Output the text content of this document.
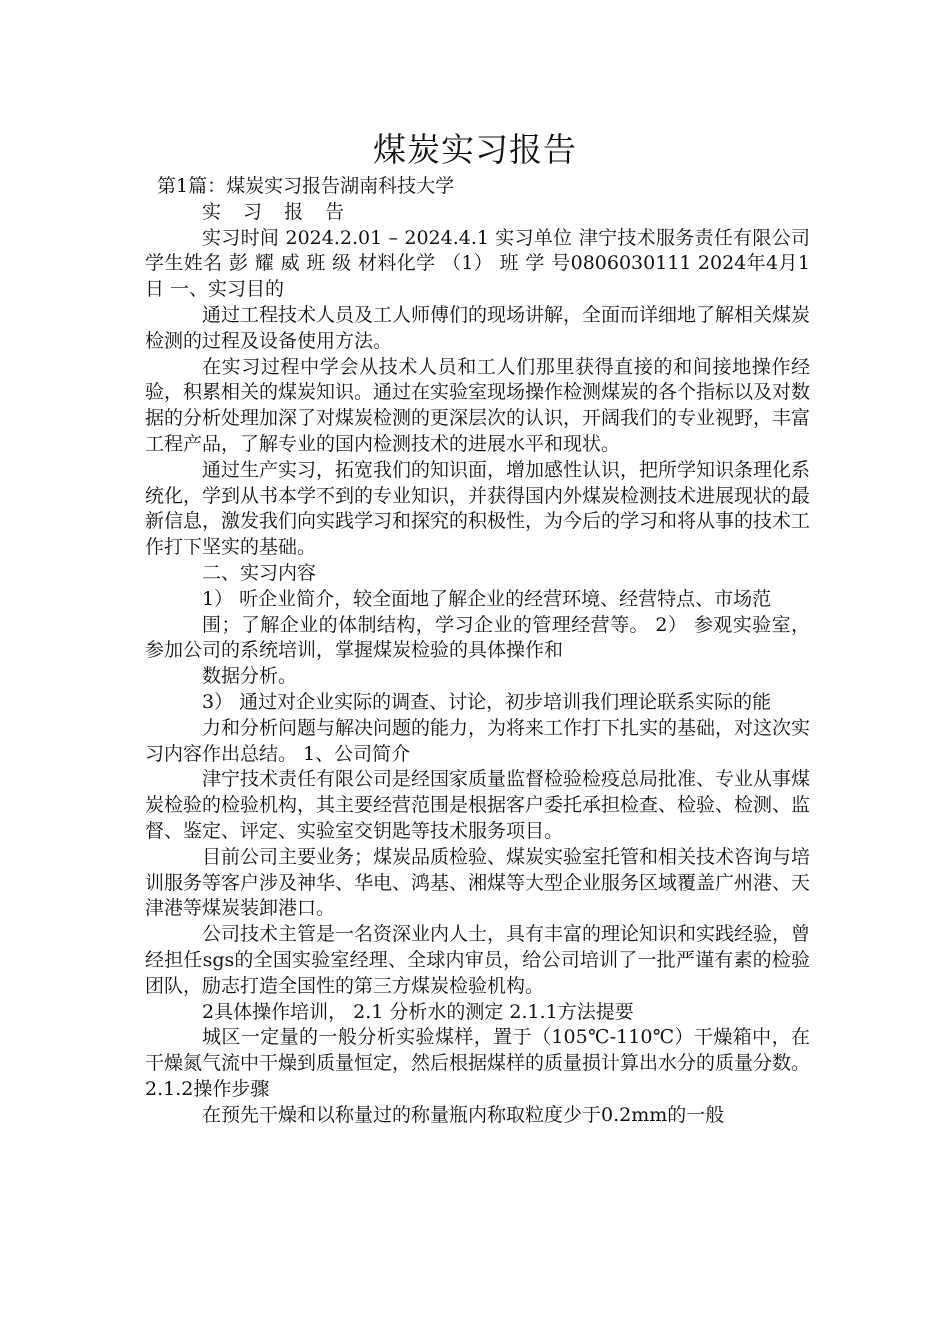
煤炭实习报告

第1篇：煤炭实习报告湖南科技大学

实 习 报 告

实习时间 2024.2.01 – 2024.4.1 实习单位 津宁技术服务责任有限公司 学生姓名 彭 耀 威 班 级 材料化学 （1） 班 学 号0806030111 2024年4月1日 一、实习目的

通过工程技术人员及工人师傅们的现场讲解，全面而详细地了解相关煤炭检测的过程及设备使用方法。

在实习过程中学会从技术人员和工人们那里获得直接的和间接地操作经验，积累相关的煤炭知识。通过在实验室现场操作检测煤炭的各个指标以及对数据的分析处理加深了对煤炭检测的更深层次的认识，开阔我们的专业视野，丰富工程产品，了解专业的国内检测技术的进展水平和现状。

通过生产实习，拓宽我们的知识面，增加感性认识，把所学知识条理化系统化，学到从书本学不到的专业知识，并获得国内外煤炭检测技术进展现状的最新信息，激发我们向实践学习和探究的积极性，为今后的学习和将从事的技术工作打下坚实的基础。

二、实习内容

1） 听企业简介，较全面地了解企业的经营环境、经营特点、市场范

围；了解企业的体制结构，学习企业的管理经营等。 2） 参观实验室，参加公司的系统培训，掌握煤炭检验的具体操作和

数据分析。

3） 通过对企业实际的调查、讨论，初步培训我们理论联系实际的能

力和分析问题与解决问题的能力，为将来工作打下扎实的基础，对这次实习内容作出总结。 1、公司简介

津宁技术责任有限公司是经国家质量监督检验检疫总局批准、专业从事煤炭检验的检验机构，其主要经营范围是根据客户委托承担检查、检验、检测、监督、鉴定、评定、实验室交钥匙等技术服务项目。

目前公司主要业务；煤炭品质检验、煤炭实验室托管和相关技术咨询与培训服务等客户涉及神华、华电、鸿基、湘煤等大型企业服务区域覆盖广州港、天津港等煤炭装卸港口。

公司技术主管是一名资深业内人士，具有丰富的理论知识和实践经验，曾经担任sgs的全国实验室经理、全球内审员，给公司培训了一批严谨有素的检验团队，励志打造全国性的第三方煤炭检验机构。

2具体操作培训， 2.1 分析水的测定 2.1.1方法提要

城区一定量的一般分析实验煤样，置于（105℃-110℃）干燥箱中，在干燥氮气流中干燥到质量恒定，然后根据煤样的质量损计算出水分的质量分数。 2.1.2操作步骤

在预先干燥和以称量过的称量瓶内称取粒度少于0.2mm的一般
